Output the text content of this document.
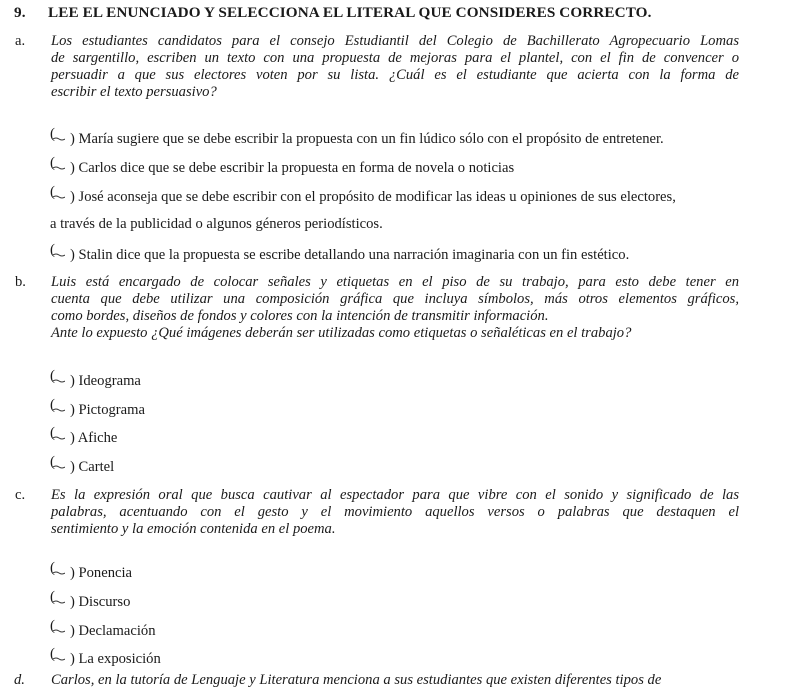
9. LEE EL ENUNCIADO Y SELECCIONA EL LITERAL QUE CONSIDERES CORRECTO.
a. Los estudiantes candidatos para el consejo Estudiantil del Colegio de Bachillerato Agropecuario Lomas
de sargentillo, escriben un texto con una propuesta de mejoras para el plantel, con el fin de convencer o
persuadir a que sus electores voten por su lista. ¿Cuál es el estudiante que acierta con la forma de
escribir el texto persuasivo?
( ) María sugiere que se debe escribir la propuesta con un fin lúdico sólo con el propósito de entretener.
( ) Carlos dice que se debe escribir la propuesta en forma de novela o noticias
( ) José aconseja que se debe escribir con el propósito de modificar las ideas u opiniones de sus electores,
a través de la publicidad o algunos géneros periodísticos.
( ) Stalin dice que la propuesta se escribe detallando una narración imaginaria con un fin estético.
b. Luis está encargado de colocar señales y etiquetas en el piso de su trabajo, para esto debe tener en
cuenta que debe utilizar una composición gráfica que incluya símbolos, más otros elementos gráficos,
como bordes, diseños de fondos y colores con la intención de transmitir información.
Ante lo expuesto ¿Qué imágenes deberán ser utilizadas como etiquetas o señaléticas en el trabajo?
( ) Ideograma
( ) Pictograma
( ) Afiche
( ) Cartel
c. Es la expresión oral que busca cautivar al espectador para que vibre con el sonido y significado de las
palabras, acentuando con el gesto y el movimiento aquellos versos o palabras que destaquen el
sentimiento y la emoción contenida en el poema.
( ) Ponencia
( ) Discurso
( ) Declamación
( ) La exposición
d. Carlos, en la tutoría de Lenguaje y Literatura menciona a sus estudiantes que existen diferentes tipos de
